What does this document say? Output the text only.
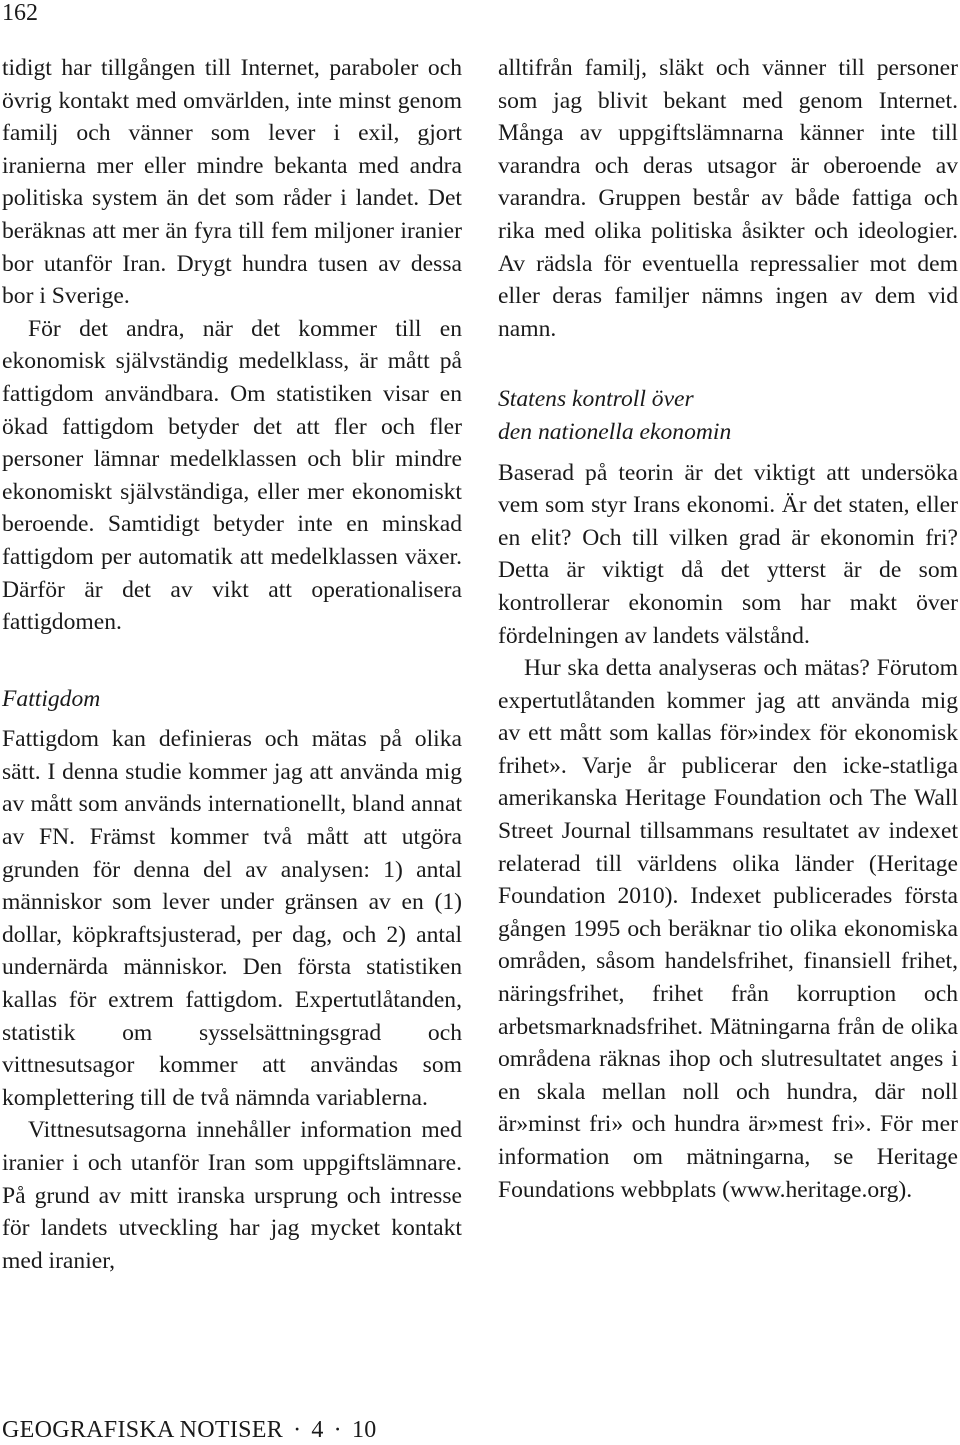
162

tidigt har tillgången till Internet, paraboler och övrig kontakt med omvärlden, inte minst genom familj och vänner som lever i exil, gjort iranierna mer eller mindre bekanta med andra politiska system än det som råder i landet. Det beräknas att mer än fyra till fem miljoner iranier bor utanför Iran. Drygt hundra tusen av dessa bor i Sverige.

För det andra, när det kommer till en ekonomisk självständig medelklass, är mått på fattigdom användbara. Om statistiken visar en ökad fattigdom betyder det att fler och fler personer lämnar medelklassen och blir mindre ekonomiskt självständiga, eller mer ekonomiskt beroende. Samtidigt betyder inte en minskad fattigdom per automatik att medelklassen växer. Därför är det av vikt att operationalisera fattigdomen.

Fattigdom

Fattigdom kan definieras och mätas på olika sätt. I denna studie kommer jag att använda mig av mått som används internationellt, bland annat av FN. Främst kommer två mått att utgöra grunden för denna del av analysen: 1) antal människor som lever under gränsen av en (1) dollar, köpkraftsjusterad, per dag, och 2) antal undernärda människor. Den första statistiken kallas för extrem fattigdom. Expertutlåtanden, statistik om sysselsättningsgrad och vittnesutsagor kommer att användas som komplettering till de två nämnda variablerna.

Vittnesutsagorna innehåller information med iranier i och utanför Iran som uppgiftslämnare. På grund av mitt iranska ursprung och intresse för landets utveckling har jag mycket kontakt med iranier,

alltifrån familj, släkt och vänner till personer som jag blivit bekant med genom Internet. Många av uppgiftslämnarna känner inte till varandra och deras utsagor är oberoende av varandra. Gruppen består av både fattiga och rika med olika politiska åsikter och ideologier. Av rädsla för eventuella repressalier mot dem eller deras familjer nämns ingen av dem vid namn.

Statens kontroll över
den nationella ekonomin

Baserad på teorin är det viktigt att undersöka vem som styr Irans ekonomi. Är det staten, eller en elit? Och till vilken grad är ekonomin fri? Detta är viktigt då det ytterst är de som kontrollerar ekonomin som har makt över fördelningen av landets välstånd.

Hur ska detta analyseras och mätas? Förutom expertutlåtanden kommer jag att använda mig av ett mått som kallas för»index för ekonomisk frihet». Varje år publicerar den icke-statliga amerikanska Heritage Foundation och The Wall Street Journal tillsammans resultatet av indexet relaterad till världens olika länder (Heritage Foundation 2010). Indexet publicerades första gången 1995 och beräknar tio olika ekonomiska områden, såsom handelsfrihet, finansiell frihet, näringsfrihet, frihet från korruption och arbetsmarknadsfrihet. Mätningarna från de olika områdena räknas ihop och slutresultatet anges i en skala mellan noll och hundra, där noll är»minst fri» och hundra är»mest fri». För mer information om mätningarna, se Heritage Foundations webbplats (www.heritage.org).

GEOGRAFISKA NOTISER · 4 · 10
